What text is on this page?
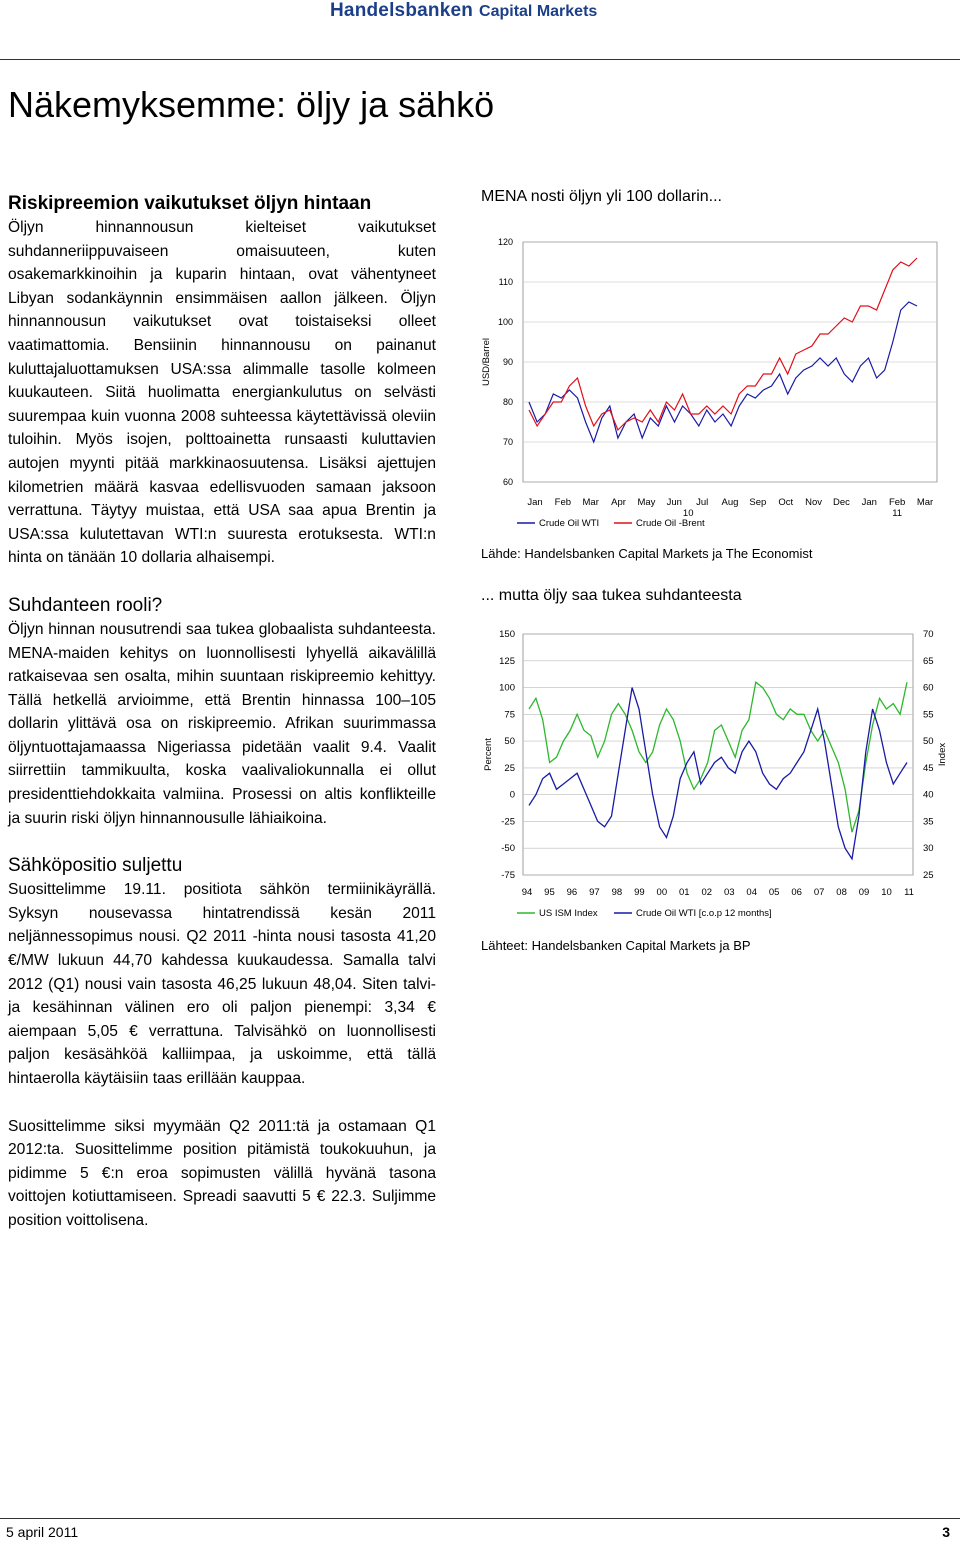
Handelsbanken Capital Markets
Näkemyksemme: öljy ja sähkö
Riskipreemion vaikutukset öljyn hintaan

Öljyn hinnannousun kielteiset vaikutukset suhdanneriippuvaiseen omaisuuteen, kuten osakemarkkinoihin ja kuparin hintaan, ovat vähentyneet Libyan sodankäynnin ensimmäisen aallon jälkeen. Öljyn hinnannousun vaikutukset ovat toistaiseksi olleet vaatimattomia. Bensiinin hinnannousu on painanut kuluttajaluottamuksen USA:ssa alimmalle tasolle kolmeen kuukauteen. Siitä huolimatta energiankulutus on selvästi suurempaa kuin vuonna 2008 suhteessa käytettävissä oleviin tuloihin. Myös isojen, polttoainetta runsaasti kuluttavien autojen myynti pitää markkinaosuutensa. Lisäksi ajettujen kilometrien määrä kasvaa edellisvuoden samaan jaksoon verrattuna. Täytyy muistaa, että USA saa apua Brentin ja USA:ssa kulutettavan WTI:n suuresta erotuksesta. WTI:n hinta on tänään 10 dollaria alhaisempi.

Suhdanteen rooli?

Öljyn hinnan nousutrendi saa tukea globaalista suhdanteesta. MENA-maiden kehitys on luonnollisesti lyhyellä aikavälillä ratkaisevaa sen osalta, mihin suuntaan riskipreemio kehittyy. Tällä hetkellä arvioimme, että Brentin hinnassa 100–105 dollarin ylittävä osa on riskipreemio. Afrikan suurimmassa öljyntuottajamaassa Nigeriassa pidetään vaalit 9.4. Vaalit siirrettiin tammikuulta, koska vaalivaliokunnalla ei ollut presidenttiehdokkaita valmiina. Prosessi on altis konflikteille ja suurin riski öljyn hinnannousulle lähiaikoina.

Sähköpositio suljettu

Suosittelimme 19.11. positiota sähkön termiinikäyrällä. Syksyn nousevassa hintatrendissä kesän 2011 neljännessopimus nousi. Q2 2011 -hinta nousi tasosta 41,20 €/MW lukuun 44,70 kahdessa kuukaudessa. Samalla talvi 2012 (Q1) nousi vain tasosta 46,25 lukuun 48,04. Siten talvi- ja kesähinnan välinen ero oli paljon pienempi: 3,34 € aiempaan 5,05 € verrattuna. Talvisähkö on luonnollisesti paljon kesäsähköä kalliimpaa, ja uskoimme, että tällä hintaerolla käytäisiin taas erillään kauppaa.

Suosittelimme siksi myymään Q2 2011:tä ja ostamaan Q1 2012:ta. Suosittelimme position pitämistä toukokuuhun, ja pidimme 5 €:n eroa sopimusten välillä hyvänä tasona voittojen kotiuttamiseen. Spreadi saavutti 5 € 22.3. Suljimme position voittolisena.

MENA nosti öljyn yli 100 dollarin...

60
70
80
90
100
110
120
Jan Feb Mar Apr May Jun Jul Aug Sep Oct Nov Dec Jan Feb Mar
10	11
USD/Barrel
Crude Oil WTI	Crude Oil -Brent

Lähde: Handelsbanken Capital Markets ja The Economist

... mutta öljy saa tukea suhdanteesta

150
125
100
75
50
25
0
-25
-50
-75
70
65
60
55
50
45
40
35
30
25
94 95 96 97 98 99 00 01 02 03 04 05 06 07 08 09 10 11
Percent	Index
US ISM Index	Crude Oil WTI [c.o.p 12 months]

Lähteet: Handelsbanken Capital Markets ja BP

5 april 2011	3
